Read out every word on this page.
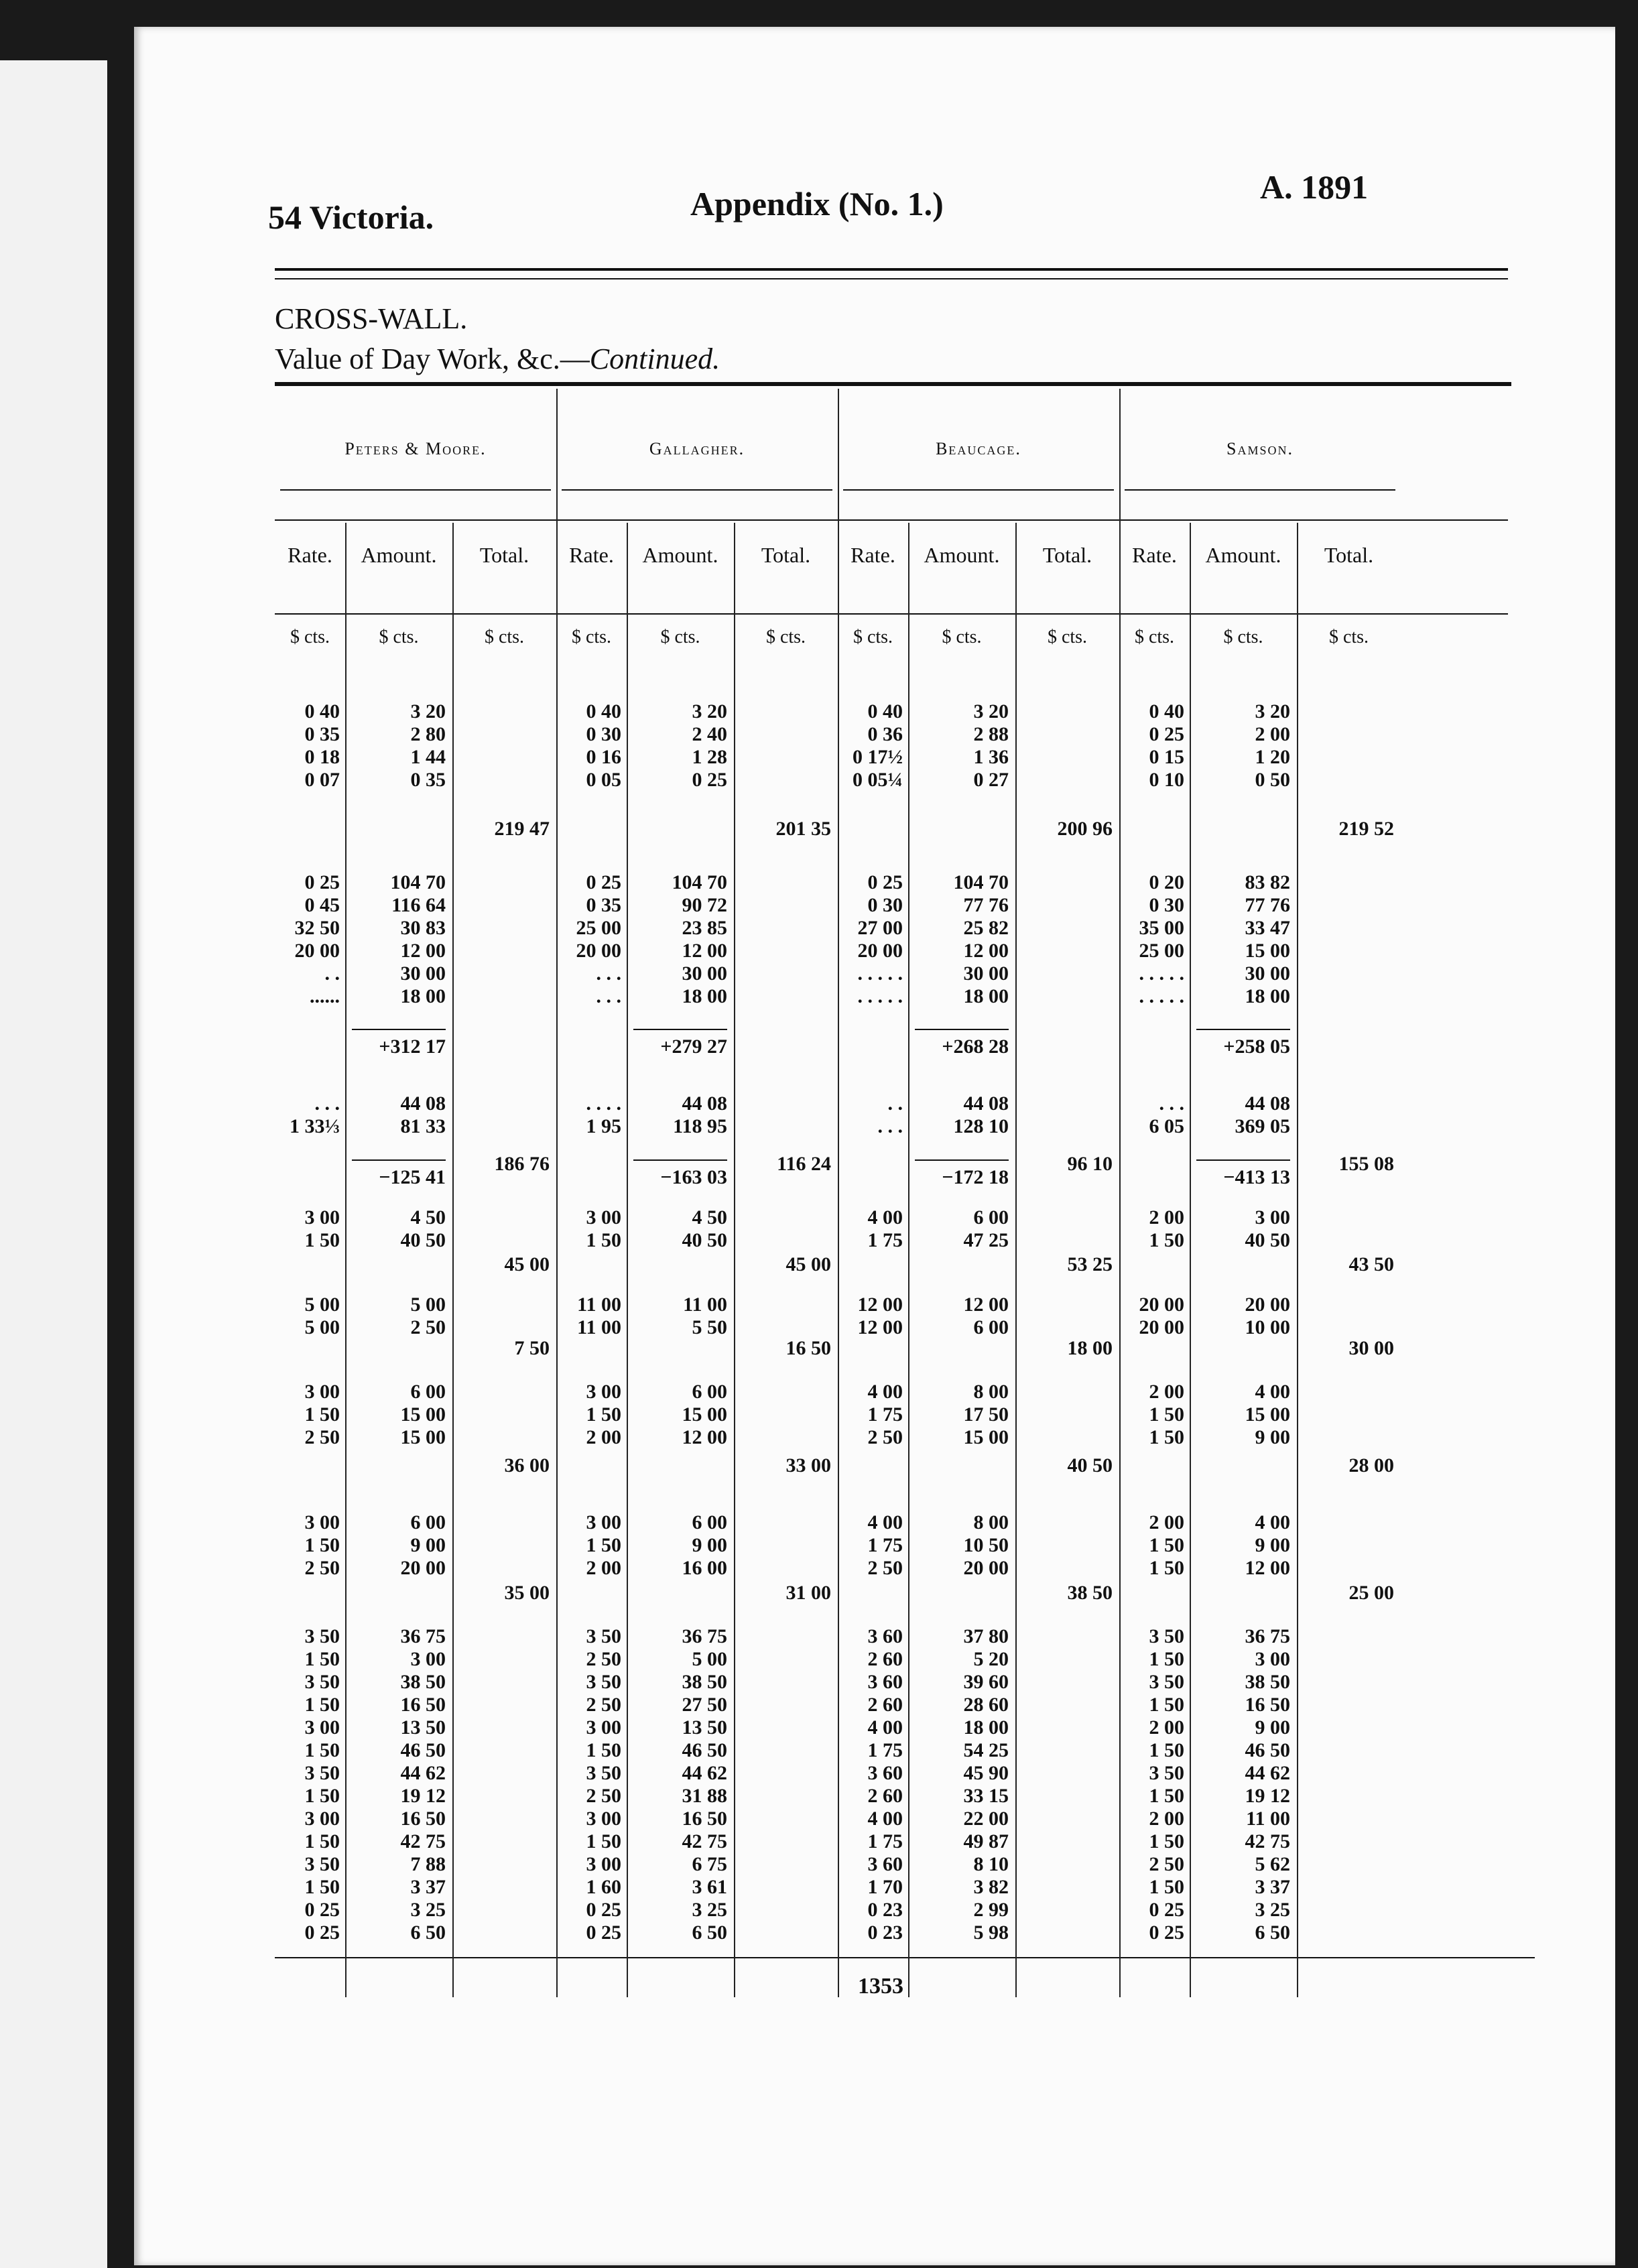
54 Victoria.	Appendix (No. 1.)	A. 1891
CROSS-WALL.
Value of Day Work, &c.—Continued.
Peters & Moore.
Rate.
$ cts.
Amount.
$ cts.
Total.
$ cts.
0 40
0 35
0 18
0 07
3 20
2 80
1 44
0 35
0 25
0 45
32 50
20 00
. .
......
104 70
116 64
30 83
12 00
30 00
18 00
. . .
1 33⅓
44 08
81 33
3 00
1 50
4 50
40 50
5 00
5 00
5 00
2 50
3 00
1 50
2 50
6 00
15 00
15 00
3 00
1 50
2 50
6 00
9 00
20 00
3 50
1 50
3 50
1 50
3 00
1 50
3 50
1 50
3 00
1 50
3 50
1 50
0 25
0 25
36 75
3 00
38 50
16 50
13 50
46 50
44 62
19 12
16 50
42 75
7 88
3 37
3 25
6 50
+312 17
−125 41
219 47
186 76
45 00
7 50
36 00
35 00
Gallagher.
Rate.
$ cts.
Amount.
$ cts.
Total.
$ cts.
0 40
0 30
0 16
0 05
3 20
2 40
1 28
0 25
0 25
0 35
25 00
20 00
. . .
. . .
104 70
90 72
23 85
12 00
30 00
18 00
. . . .
1 95
44 08
118 95
3 00
1 50
4 50
40 50
11 00
11 00
11 00
5 50
3 00
1 50
2 00
6 00
15 00
12 00
3 00
1 50
2 00
6 00
9 00
16 00
3 50
2 50
3 50
2 50
3 00
1 50
3 50
2 50
3 00
1 50
3 00
1 60
0 25
0 25
36 75
5 00
38 50
27 50
13 50
46 50
44 62
31 88
16 50
42 75
6 75
3 61
3 25
6 50
+279 27
−163 03
201 35
116 24
45 00
16 50
33 00
31 00
Beaucage.
Rate.
$ cts.
Amount.
$ cts.
Total.
$ cts.
0 40
0 36
0 17½
0 05¼
3 20
2 88
1 36
0 27
0 25
0 30
27 00
20 00
. . . . .
. . . . .
104 70
77 76
25 82
12 00
30 00
18 00
. .
. . .
44 08
128 10
4 00
1 75
6 00
47 25
12 00
12 00
12 00
6 00
4 00
1 75
2 50
8 00
17 50
15 00
4 00
1 75
2 50
8 00
10 50
20 00
3 60
2 60
3 60
2 60
4 00
1 75
3 60
2 60
4 00
1 75
3 60
1 70
0 23
0 23
37 80
5 20
39 60
28 60
18 00
54 25
45 90
33 15
22 00
49 87
8 10
3 82
2 99
5 98
+268 28
−172 18
200 96
96 10
53 25
18 00
40 50
38 50
Samson.
Rate.
$ cts.
Amount.
$ cts.
Total.
$ cts.
0 40
0 25
0 15
0 10
3 20
2 00
1 20
0 50
0 20
0 30
35 00
25 00
. . . . .
. . . . .
83 82
77 76
33 47
15 00
30 00
18 00
. . .
6 05
44 08
369 05
2 00
1 50
3 00
40 50
20 00
20 00
20 00
10 00
2 00
1 50
1 50
4 00
15 00
9 00
2 00
1 50
1 50
4 00
9 00
12 00
3 50
1 50
3 50
1 50
2 00
1 50
3 50
1 50
2 00
1 50
2 50
1 50
0 25
0 25
36 75
3 00
38 50
16 50
9 00
46 50
44 62
19 12
11 00
42 75
5 62
3 37
3 25
6 50
+258 05
−413 13
219 52
155 08
43 50
30 00
28 00
25 00
1353
